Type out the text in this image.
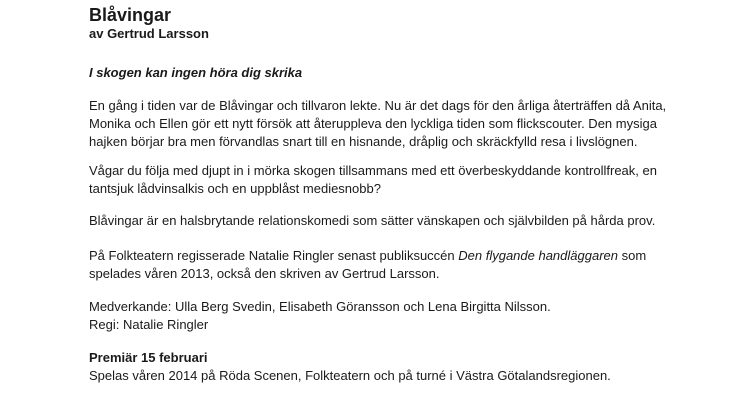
Blåvingar
av Gertrud Larsson
I skogen kan ingen höra dig skrika

En gång i tiden var de Blåvingar och tillvaron lekte. Nu är det dags för den årliga återträffen då Anita,
Monika och Ellen gör ett nytt försök att återuppleva den lyckliga tiden som flickscouter. Den mysiga
hajken börjar bra men förvandlas snart till en hisnande, dråplig och skräckfylld resa i livslögnen.

Vågar du följa med djupt in i mörka skogen tillsammans med ett överbeskyddande kontrollfreak, en
tantsjuk lådvinsalkis och en uppblåst mediesnobb?

Blåvingar är en halsbrytande relationskomedi som sätter vänskapen och självbilden på hårda prov.

På Folkteatern regisserade Natalie Ringler senast publiksuccén Den flygande handläggaren som
spelades våren 2013, också den skriven av Gertrud Larsson.

Medverkande: Ulla Berg Svedin, Elisabeth Göransson och Lena Birgitta Nilsson.
Regi: Natalie Ringler

Premiär 15 februari

Spelas våren 2014 på Röda Scenen, Folkteatern och på turné i Västra Götalandsregionen.
